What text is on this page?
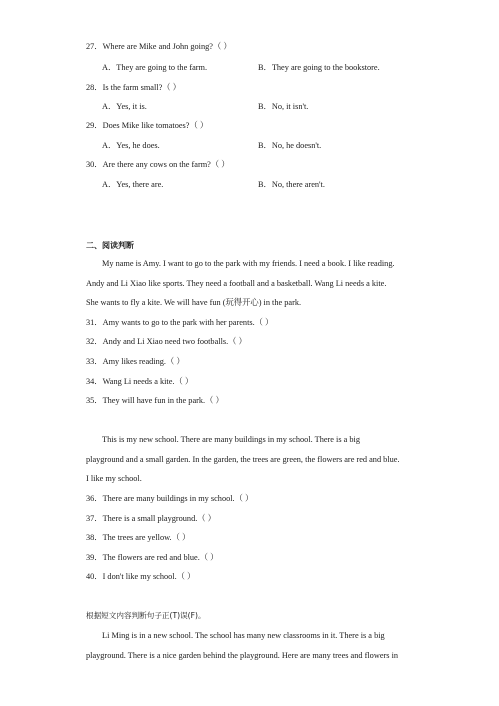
27．Where are Mike and John going?（ ）
A．They are going to the farm.	B．They are going to the bookstore.
28．Is the farm small?（ ）
A．Yes, it is.	B．No, it isn't.
29．Does Mike like tomatoes?（ ）
A．Yes, he does.	B．No, he doesn't.
30．Are there any cows on the farm?（ ）
A．Yes, there are.	B．No, there aren't.
二、阅读判断
My name is Amy. I want to go to the park with my friends. I need a book. I like reading.
Andy and Li Xiao like sports. They need a football and a basketball. Wang Li needs a kite.
She wants to fly a kite. We will have fun (玩得开心) in the park.
31．Amy wants to go to the park with her parents.（ ）
32．Andy and Li Xiao need two footballs.（ ）
33．Amy likes reading.（ ）
34．Wang Li needs a kite.（ ）
35．They will have fun in the park.（ ）
This is my new school. There are many buildings in my school. There is a big
playground and a small garden. In the garden, the trees are green, the flowers are red and blue.
I like my school.
36．There are many buildings in my school.（ ）
37．There is a small playground.（ ）
38．The trees are yellow.（ ）
39．The flowers are red and blue.（ ）
40．I don't like my school.（ ）
根据短文内容判断句子正(T)误(F)。
Li Ming is in a new school. The school has many new classrooms in it. There is a big
playground. There is a nice garden behind the playground. Here are many trees and flowers in
